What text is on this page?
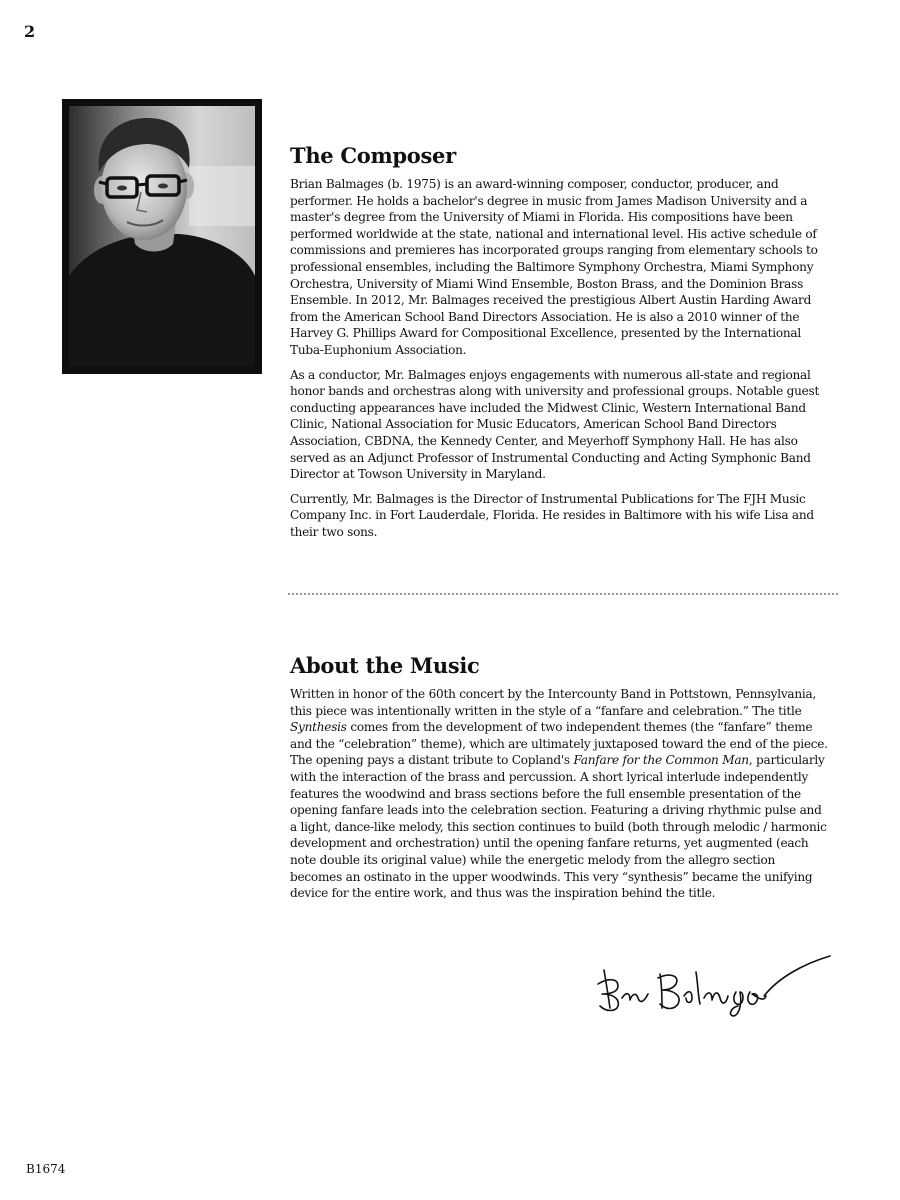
2
The Composer

Brian Balmages (b. 1975) is an award-winning composer, conductor, producer, and performer. He holds a bachelor's degree in music from James Madison University and a master's degree from the University of Miami in Florida. His compositions have been performed worldwide at the state, national and international level. His active schedule of commissions and premieres has incorporated groups ranging from elementary schools to professional ensembles, including the Baltimore Symphony Orchestra, Miami Symphony Orchestra, University of Miami Wind Ensemble, Boston Brass, and the Dominion Brass Ensemble. In 2012, Mr. Balmages received the prestigious Albert Austin Harding Award from the American School Band Directors Association. He is also a 2010 winner of the Harvey G. Phillips Award for Compositional Excellence, presented by the International Tuba-Euphonium Association.

As a conductor, Mr. Balmages enjoys engagements with numerous all-state and regional honor bands and orchestras along with university and professional groups. Notable guest conducting appearances have included the Midwest Clinic, Western International Band Clinic, National Association for Music Educators, American School Band Directors Association, CBDNA, the Kennedy Center, and Meyerhoff Symphony Hall. He has also served as an Adjunct Professor of Instrumental Conducting and Acting Symphonic Band Director at Towson University in Maryland.

Currently, Mr. Balmages is the Director of Instrumental Publications for The FJH Music Company Inc. in Fort Lauderdale, Florida. He resides in Baltimore with his wife Lisa and their two sons.

About the Music

Written in honor of the 60th concert by the Intercounty Band in Pottstown, Pennsylvania, this piece was intentionally written in the style of a “fanfare and celebration.” The title Synthesis comes from the development of two independent themes (the “fanfare” theme and the “celebration” theme), which are ultimately juxtaposed toward the end of the piece. The opening pays a distant tribute to Copland's Fanfare for the Common Man, particularly with the interaction of the brass and percussion. A short lyrical interlude independently features the woodwind and brass sections before the full ensemble presentation of the opening fanfare leads into the celebration section. Featuring a driving rhythmic pulse and a light, dance-like melody, this section continues to build (both through melodic / harmonic development and orchestration) until the opening fanfare returns, yet augmented (each note double its original value) while the energetic melody from the allegro section becomes an ostinato in the upper woodwinds. This very “synthesis” became the unifying device for the entire work, and thus was the inspiration behind the title.

B1674
